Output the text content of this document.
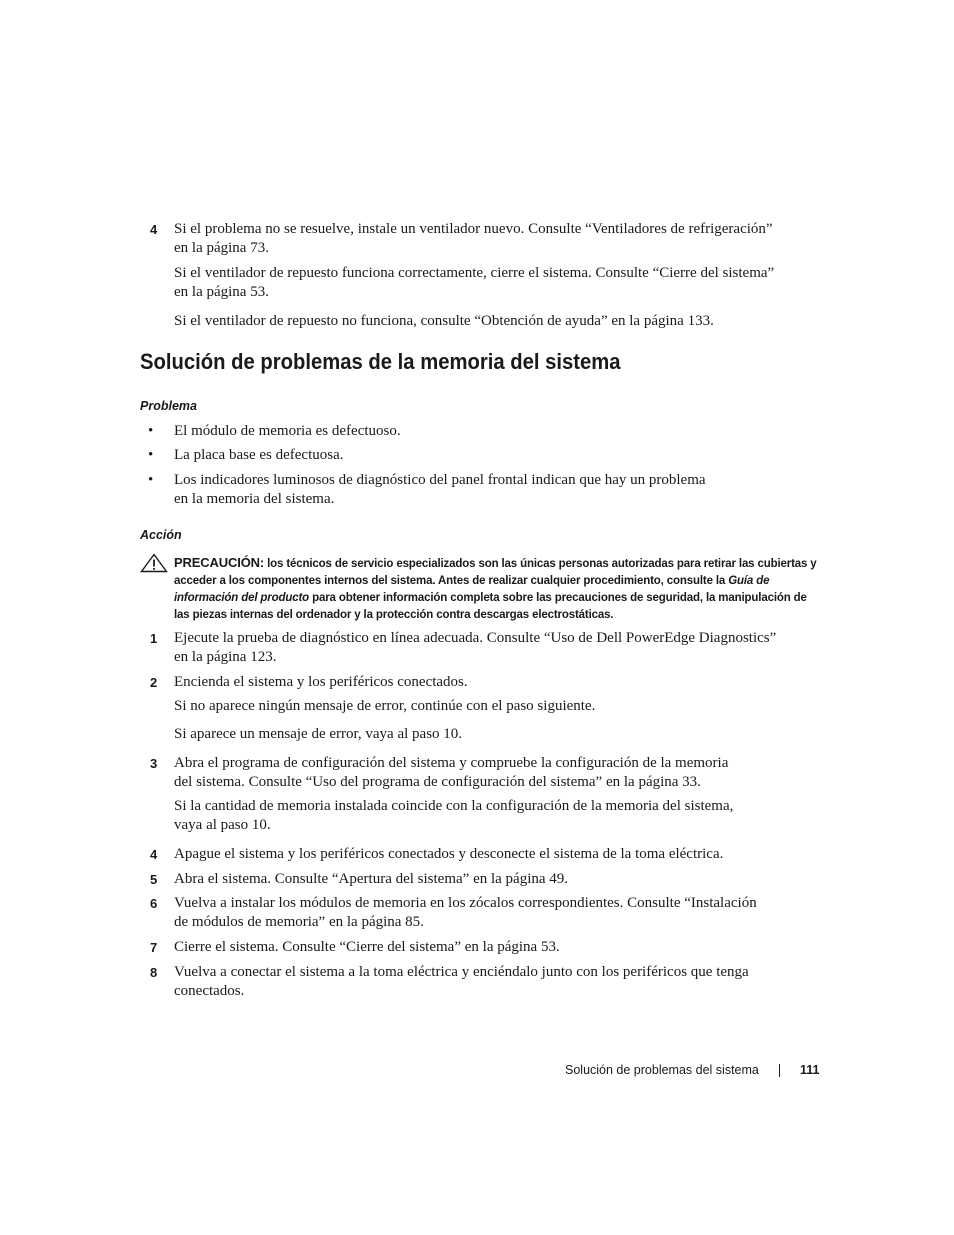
4	Si el problema no se resuelve, instale un ventilador nuevo. Consulte “Ventiladores de refrigeración”
en la página 73.
Si el ventilador de repuesto funciona correctamente, cierre el sistema. Consulte “Cierre del sistema”
en la página 53.
Si el ventilador de repuesto no funciona, consulte “Obtención de ayuda” en la página 133.
Solución de problemas de la memoria del sistema
Problema
• El módulo de memoria es defectuoso.
• La placa base es defectuosa.
• Los indicadores luminosos de diagnóstico del panel frontal indican que hay un problema
en la memoria del sistema.
Acción
PRECAUCIÓN: los técnicos de servicio especializados son las únicas personas autorizadas para retirar las cubiertas y acceder a los componentes internos del sistema. Antes de realizar cualquier procedimiento, consulte la Guía de información del producto para obtener información completa sobre las precauciones de seguridad, la manipulación de las piezas internas del ordenador y la protección contra descargas electrostáticas.
1	Ejecute la prueba de diagnóstico en línea adecuada. Consulte “Uso de Dell PowerEdge Diagnostics”
en la página 123.
2	Encienda el sistema y los periféricos conectados.
Si no aparece ningún mensaje de error, continúe con el paso siguiente.
Si aparece un mensaje de error, vaya al paso 10.
3	Abra el programa de configuración del sistema y compruebe la configuración de la memoria
del sistema. Consulte “Uso del programa de configuración del sistema” en la página 33.
Si la cantidad de memoria instalada coincide con la configuración de la memoria del sistema,
vaya al paso 10.
4	Apague el sistema y los periféricos conectados y desconecte el sistema de la toma eléctrica.
5	Abra el sistema. Consulte “Apertura del sistema” en la página 49.
6	Vuelva a instalar los módulos de memoria en los zócalos correspondientes. Consulte “Instalación
de módulos de memoria” en la página 85.
7	Cierre el sistema. Consulte “Cierre del sistema” en la página 53.
8	Vuelva a conectar el sistema a la toma eléctrica y enciéndalo junto con los periféricos que tenga
conectados.
Solución de problemas del sistema	111
